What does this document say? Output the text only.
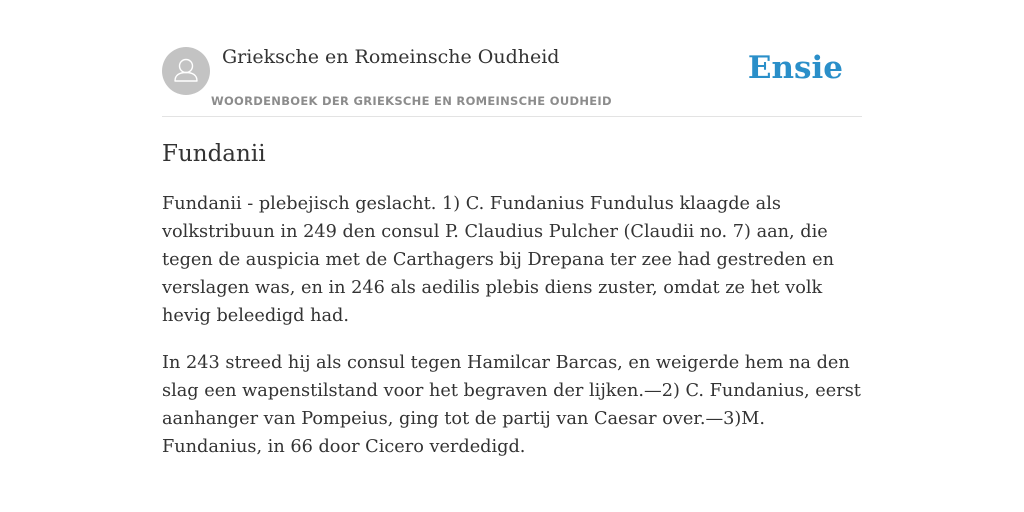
Grieksche en Romeinsche Oudheid
WOORDENBOEK DER GRIEKSCHE EN ROMEINSCHE OUDHEID
Ensie
Fundanii

Fundanii - plebejisch geslacht. 1) C. Fundanius Fundulus klaagde als volkstribuun in 249 den consul P. Claudius Pulcher (Claudii no. 7) aan, die tegen de auspicia met de Carthagers bij Drepana ter zee had gestreden en verslagen was, en in 246 als aedilis plebis diens zuster, omdat ze het volk hevig beleedigd had.

In 243 streed hij als consul tegen Hamilcar Barcas, en weigerde hem na den slag een wapenstilstand voor het begraven der lijken.—2) C. Fundanius, eerst aanhanger van Pompeius, ging tot de partij van Caesar over.—3)M. Fundanius, in 66 door Cicero verdedigd.
